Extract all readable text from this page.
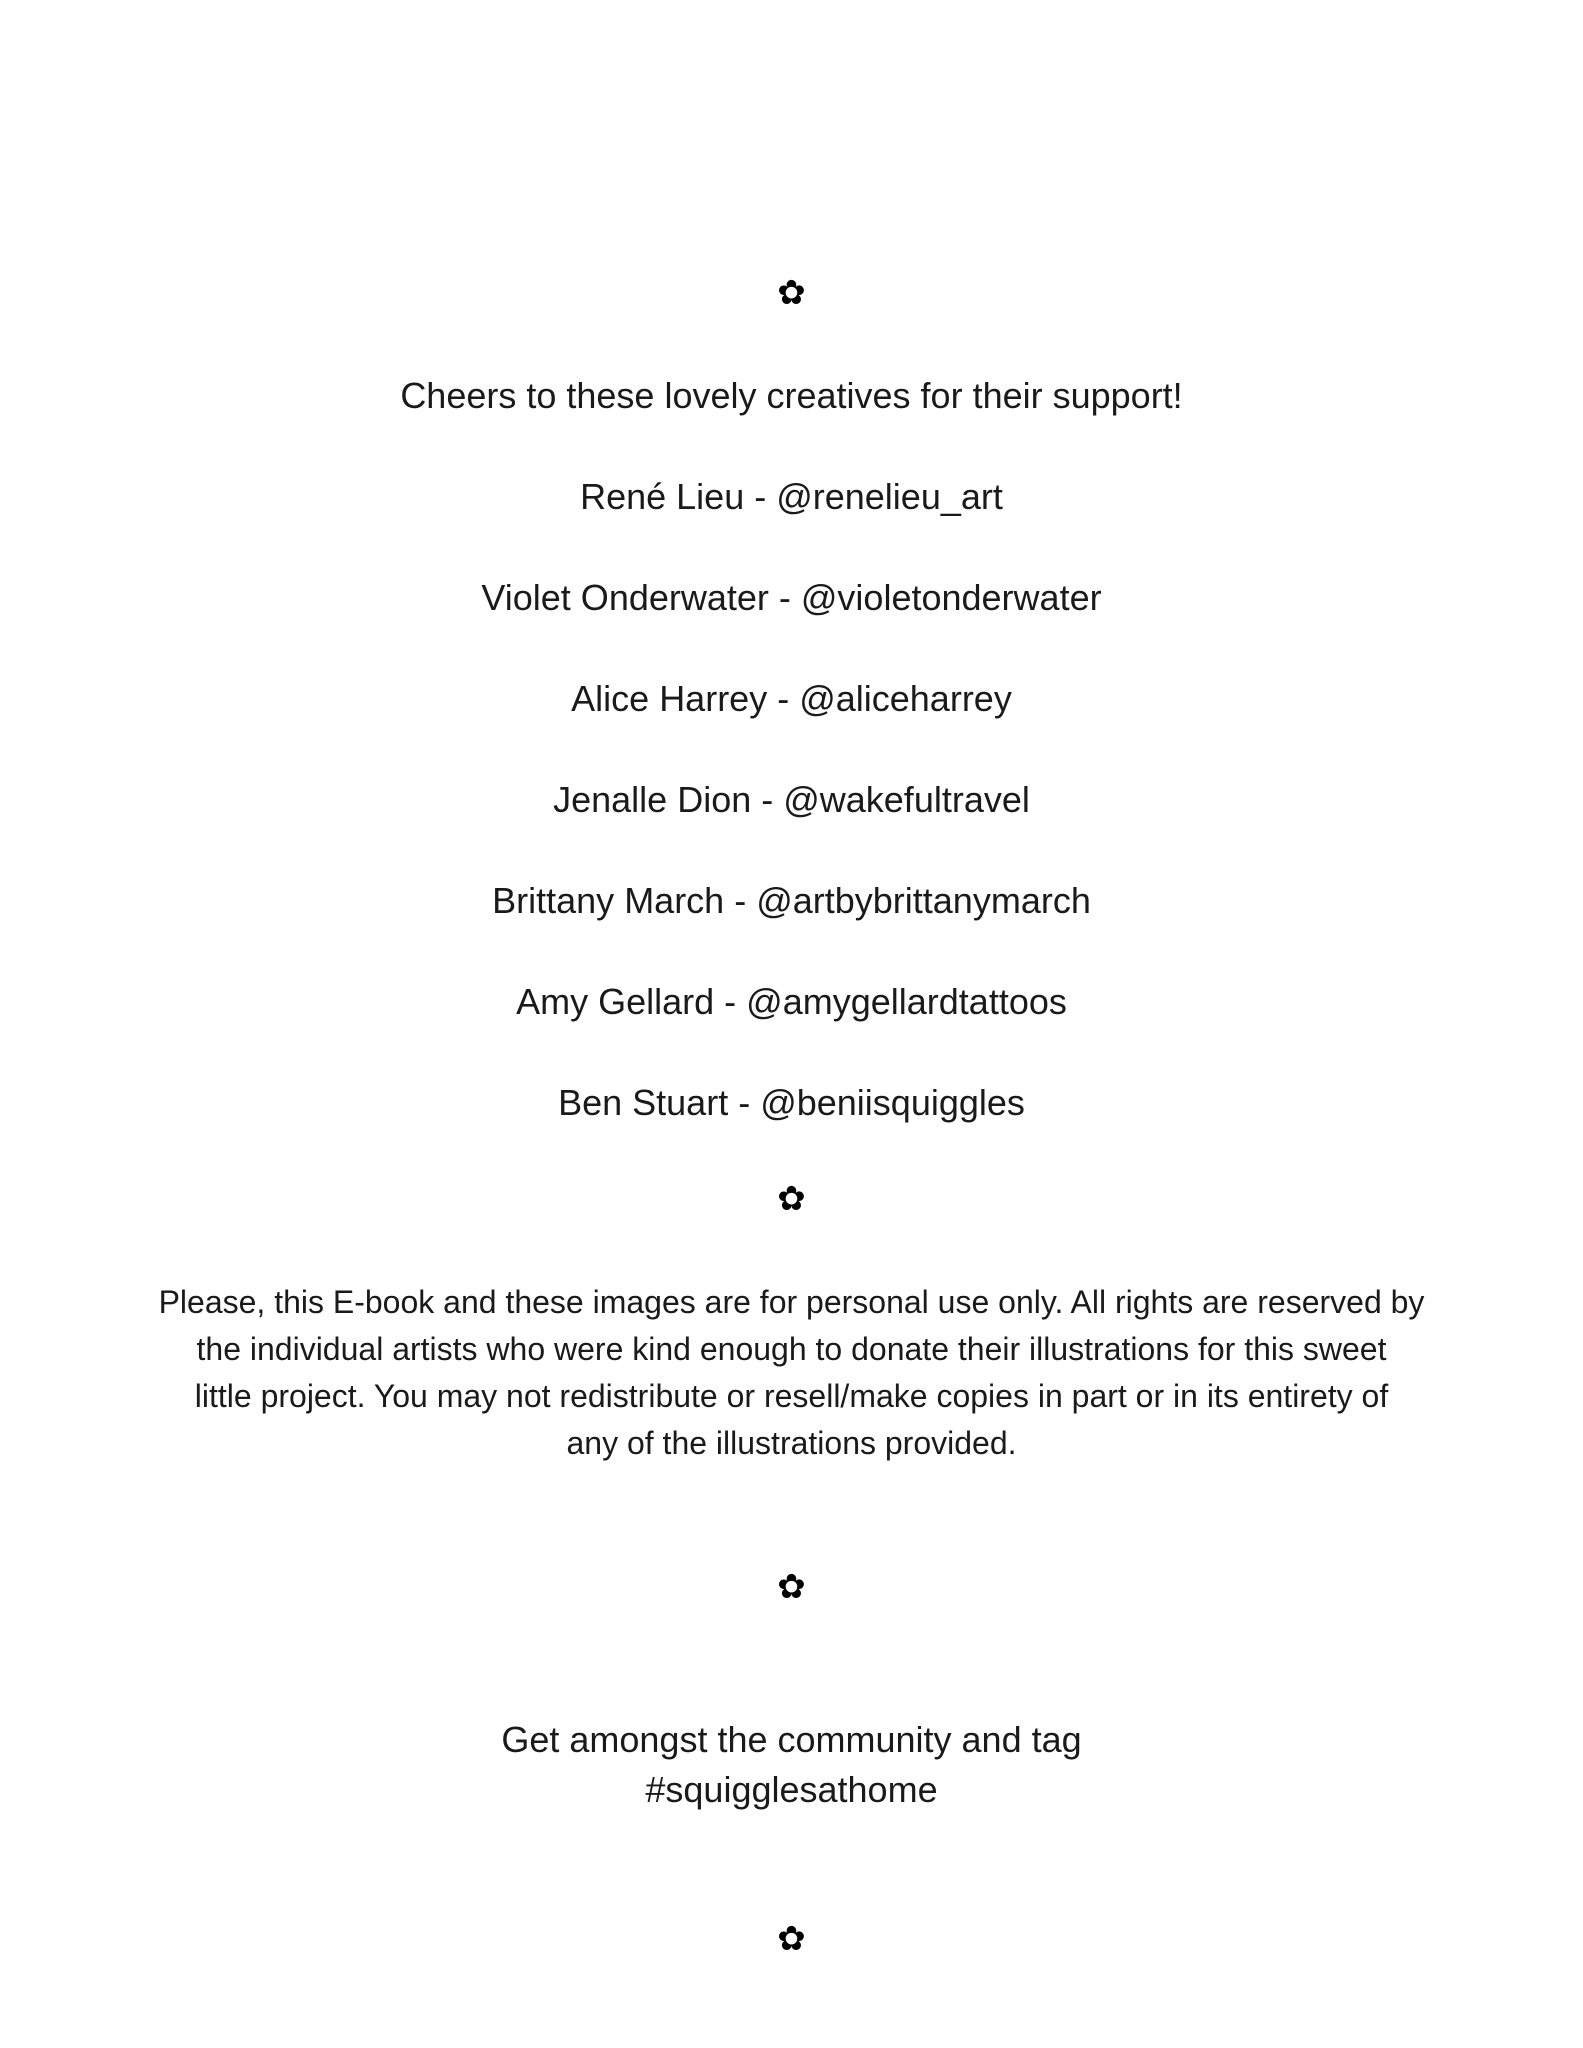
✿
Cheers to these lovely creatives for their support!
René Lieu - @renelieu_art
Violet Onderwater - @violetonderwater
Alice Harrey - @aliceharrey
Jenalle Dion - @wakefultravel
Brittany March - @artbybrittanymarch
Amy Gellard - @amygellardtattoos
Ben Stuart - @beniisquiggles
✿
Please, this E-book and these images are for personal use only. All rights are reserved by
the individual artists who were kind enough to donate their illustrations for this sweet
little project. You may not redistribute or resell/make copies in part or in its entirety of
any of the illustrations provided.
✿
Get amongst the community and tag
#squigglesathome
✿
